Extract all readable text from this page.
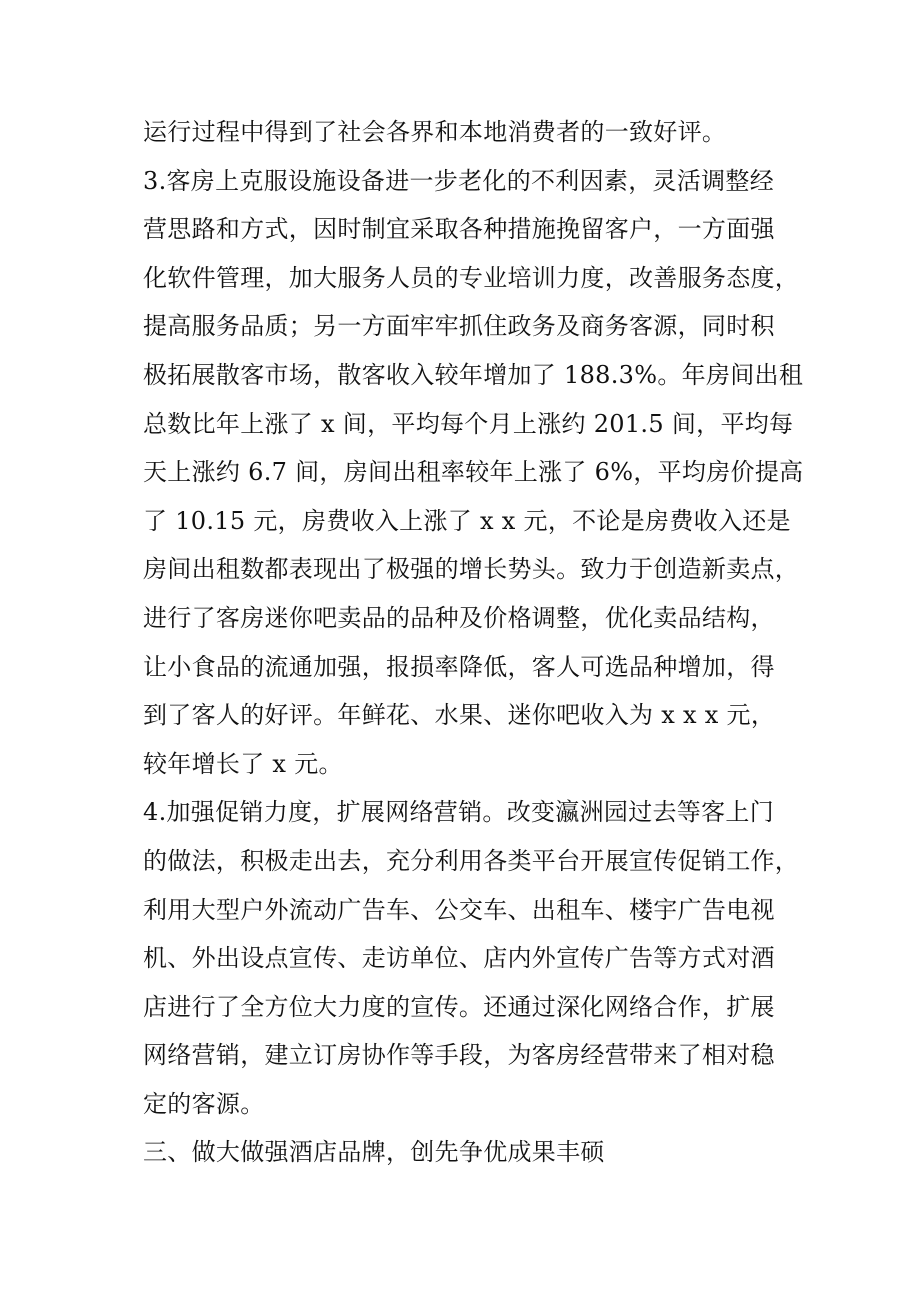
运行过程中得到了社会各界和本地消费者的一致好评。
3.客房上克服设施设备进一步老化的不利因素，灵活调整经
营思路和方式，因时制宜采取各种措施挽留客户，一方面强
化软件管理，加大服务人员的专业培训力度，改善服务态度，
提高服务品质；另一方面牢牢抓住政务及商务客源，同时积
极拓展散客市场，散客收入较年增加了 188.3%。年房间出租
总数比年上涨了 x 间，平均每个月上涨约 201.5 间，平均每
天上涨约 6.7 间，房间出租率较年上涨了 6%，平均房价提高
了 10.15 元，房费收入上涨了 x x 元，不论是房费收入还是
房间出租数都表现出了极强的增长势头。致力于创造新卖点，
进行了客房迷你吧卖品的品种及价格调整，优化卖品结构，
让小食品的流通加强，报损率降低，客人可选品种增加，得
到了客人的好评。年鲜花、水果、迷你吧收入为 x x x 元，
较年增长了 x 元。
4.加强促销力度，扩展网络营销。改变瀛洲园过去等客上门
的做法，积极走出去，充分利用各类平台开展宣传促销工作，
利用大型户外流动广告车、公交车、出租车、楼宇广告电视
机、外出设点宣传、走访单位、店内外宣传广告等方式对酒
店进行了全方位大力度的宣传。还通过深化网络合作，扩展
网络营销，建立订房协作等手段，为客房经营带来了相对稳
定的客源。
三、做大做强酒店品牌，创先争优成果丰硕
